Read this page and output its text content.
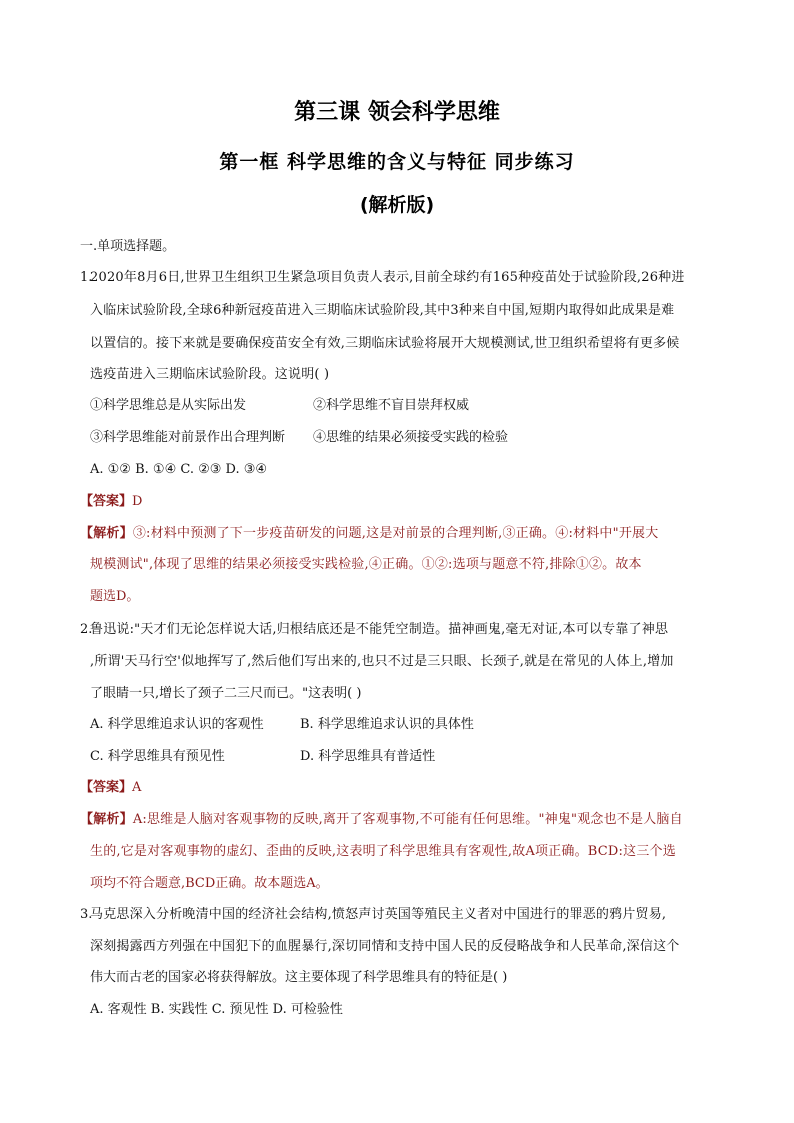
第三课 领会科学思维
第一框 科学思维的含义与特征 同步练习
(解析版)
一.单项选择题。
1.
2020年8月6日,世界卫生组织卫生紧急项目负责人表示,目前全球约有165种疫苗处于试验阶段,26种进
入临床试验阶段,全球6种新冠疫苗进入三期临床试验阶段,其中3种来自中国,短期内取得如此成果是难
以置信的。接下来就是要确保疫苗安全有效,三期临床试验将展开大规模测试,世卫组织希望将有更多候
选疫苗进入三期临床试验阶段。这说明( )
①科学思维总是从实际出发	②科学思维不盲目崇拜权威
③科学思维能对前景作出合理判断	④思维的结果必须接受实践的检验
A. ①② B. ①④ C. ②③ D. ③④
【答案】D
【解析】③:材料中预测了下一步疫苗研发的问题,这是对前景的合理判断,③正确。④:材料中"开展大
规模测试",体现了思维的结果必须接受实践检验,④正确。①②:选项与题意不符,排除①②。故本
题选D。
2.
鲁迅说:"天才们无论怎样说大话,归根结底还是不能凭空制造。描神画鬼,毫无对证,本可以专靠了神思
,所谓'天马行空'似地挥写了,然后他们写出来的,也只不过是三只眼、长颈子,就是在常见的人体上,增加
了眼睛一只,增长了颈子二三尺而已。"这表明( )
A. 科学思维追求认识的客观性	B. 科学思维追求认识的具体性
C. 科学思维具有预见性	D. 科学思维具有普适性
【答案】A
【解析】A:思维是人脑对客观事物的反映,离开了客观事物,不可能有任何思维。"神鬼"观念也不是人脑自
生的,它是对客观事物的虚幻、歪曲的反映,这表明了科学思维具有客观性,故A项正确。BCD:这三个选
项均不符合题意,BCD正确。故本题选A。
3.
马克思深入分析晚清中国的经济社会结构,愤怒声讨英国等殖民主义者对中国进行的罪恶的鸦片贸易,
深刻揭露西方列强在中国犯下的血腥暴行,深切同情和支持中国人民的反侵略战争和人民革命,深信这个
伟大而古老的国家必将获得解放。这主要体现了科学思维具有的特征是( )
A. 客观性 B. 实践性 C. 预见性 D. 可检验性
